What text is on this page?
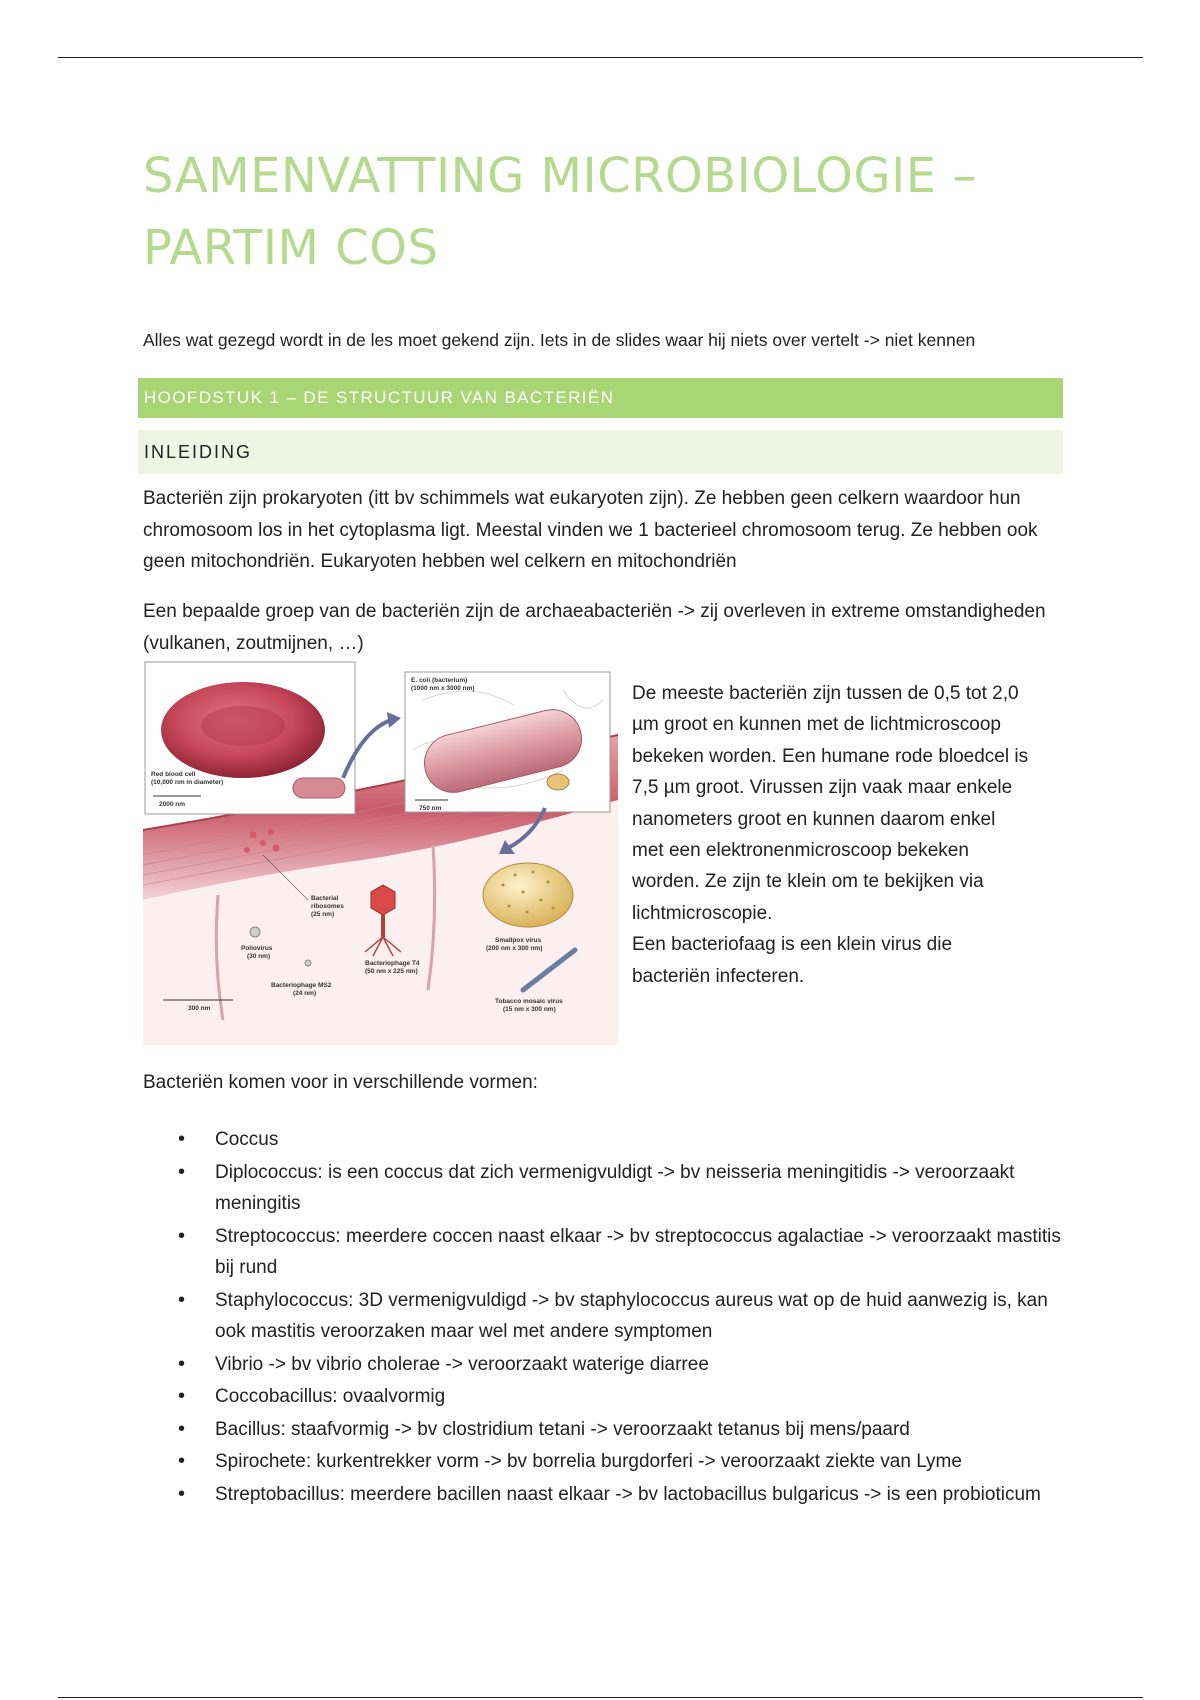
SAMENVATTING MICROBIOLOGIE –
PARTIM COS
Alles wat gezegd wordt in de les moet gekend zijn. Iets in de slides waar hij niets over vertelt -> niet kennen
HOOFDSTUK 1 – DE STRUCTUUR VAN BACTERIËN
INLEIDING

Bacteriën zijn prokaryoten (itt bv schimmels wat eukaryoten zijn). Ze hebben geen celkern waardoor hun chromosoom los in het cytoplasma ligt. Meestal vinden we 1 bacterieel chromosoom terug. Ze hebben ook geen mitochondriën. Eukaryoten hebben wel celkern en mitochondriën

Een bepaalde groep van de bacteriën zijn de archaeabacteriën -> zij overleven in extreme omstandigheden (vulkanen, zoutmijnen, …)

Red blood cell
(10,000 nm in diameter)
2000 nm
E. coli (bacterium)
(1000 nm x 3000 nm)
750 nm
Smallpox virus
(200 nm x 300 nm)
Bacterial
ribosomes
(25 nm)
Bacteriophage T4
(50 nm x 225 nm)
Poliovirus
(30 nm)
Bacteriophage MS2
(24 nm)
Tobacco mosaic virus
(15 nm x 300 nm)
300 nm

De meeste bacteriën zijn tussen de 0,5 tot 2,0
µm groot en kunnen met de lichtmicroscoop
bekeken worden. Een humane rode bloedcel is
7,5 µm groot. Virussen zijn vaak maar enkele
nanometers groot en kunnen daarom enkel
met een elektronenmicroscoop bekeken
worden. Ze zijn te klein om te bekijken via
lichtmicroscopie.
Een bacteriofaag is een klein virus die
bacteriën infecteren.

Bacteriën komen voor in verschillende vormen:
• Coccus
• Diplococcus: is een coccus dat zich vermenigvuldigt -> bv neisseria meningitidis -> veroorzaakt meningitis
• Streptococcus: meerdere coccen naast elkaar -> bv streptococcus agalactiae -> veroorzaakt mastitis bij rund
• Staphylococcus: 3D vermenigvuldigd -> bv staphylococcus aureus wat op de huid aanwezig is, kan ook mastitis veroorzaken maar wel met andere symptomen
• Vibrio -> bv vibrio cholerae -> veroorzaakt waterige diarree
• Coccobacillus: ovaalvormig
• Bacillus: staafvormig -> bv clostridium tetani -> veroorzaakt tetanus bij mens/paard
• Spirochete: kurkentrekker vorm -> bv borrelia burgdorferi -> veroorzaakt ziekte van Lyme
• Streptobacillus: meerdere bacillen naast elkaar -> bv lactobacillus bulgaricus -> is een probioticum
